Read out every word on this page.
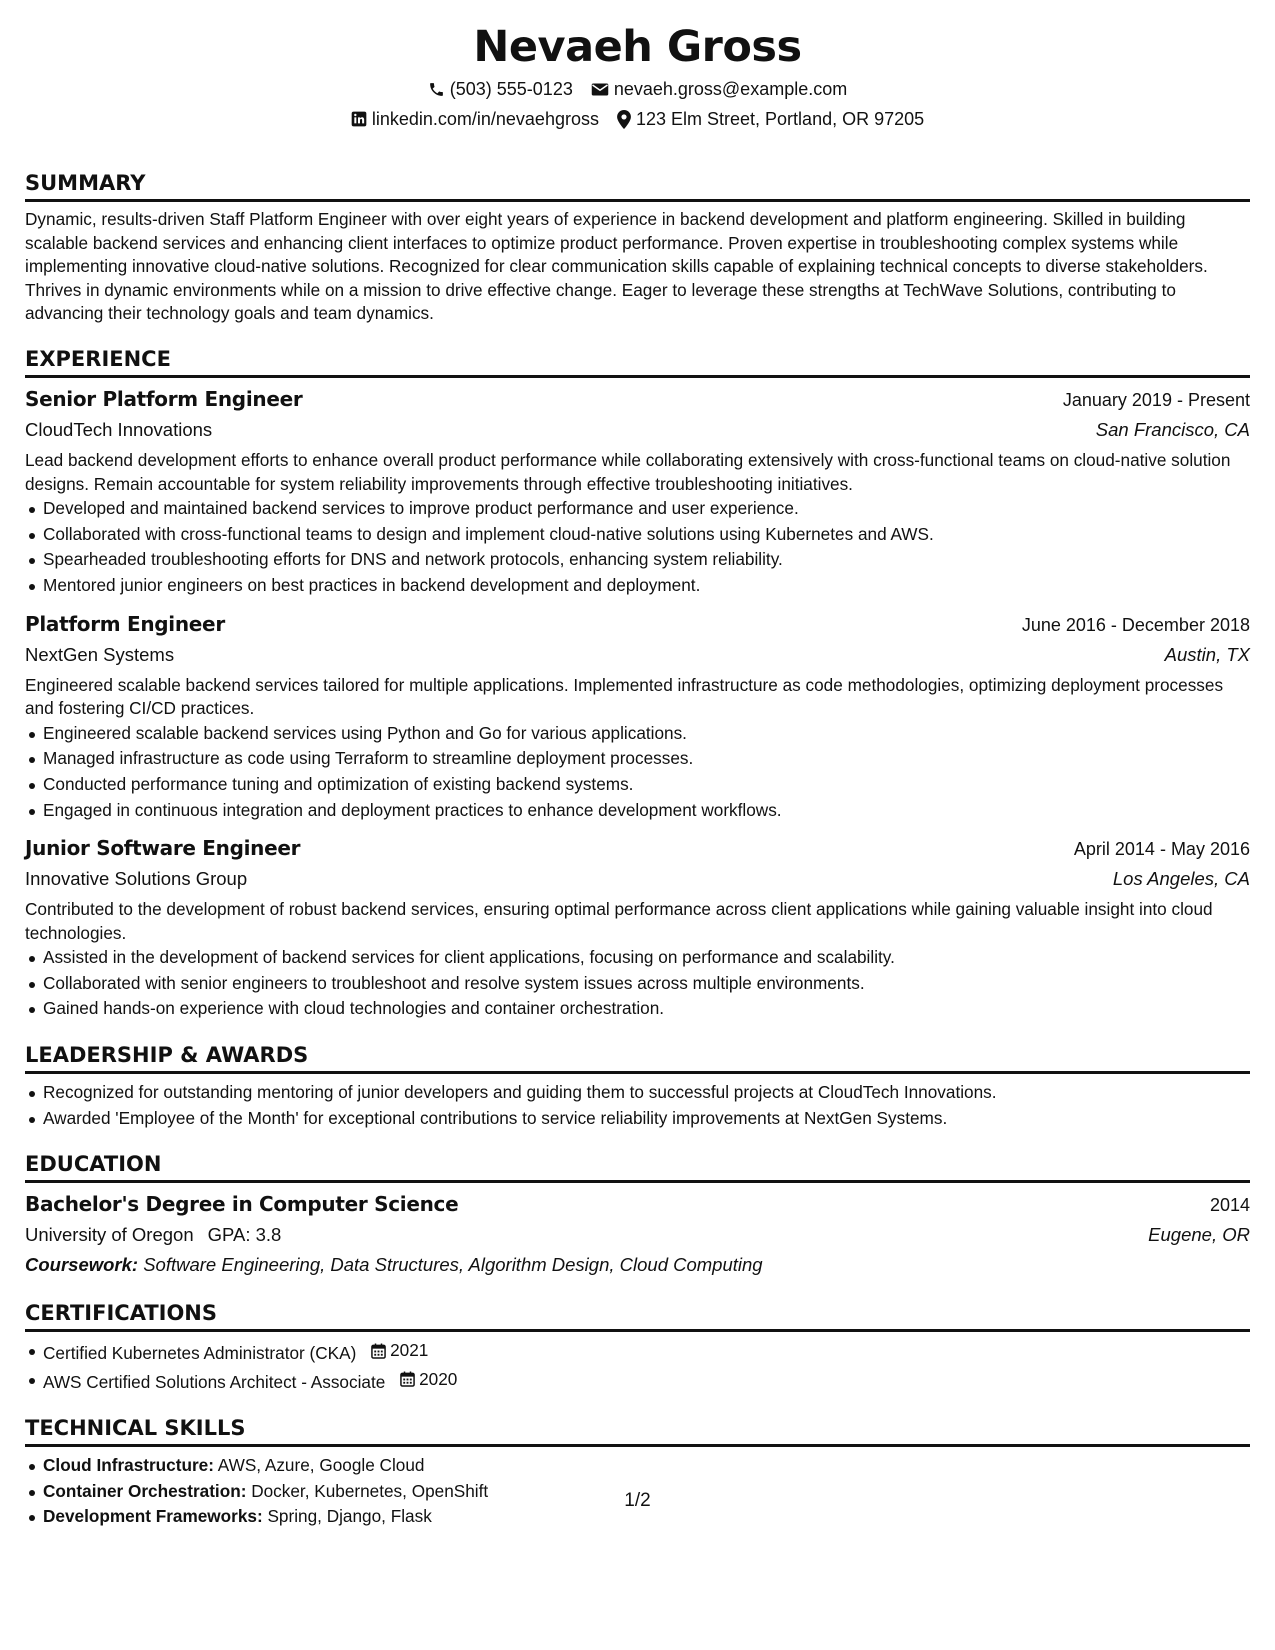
Nevaeh Gross
(503) 555-0123 nevaeh.gross@example.com
linkedin.com/in/nevaehgross 123 Elm Street, Portland, OR 97205
SUMMARY
Dynamic, results-driven Staff Platform Engineer with over eight years of experience in backend development and platform engineering. Skilled in building scalable backend services and enhancing client interfaces to optimize product performance. Proven expertise in troubleshooting complex systems while implementing innovative cloud-native solutions. Recognized for clear communication skills capable of explaining technical concepts to diverse stakeholders. Thrives in dynamic environments while on a mission to drive effective change. Eager to leverage these strengths at TechWave Solutions, contributing to advancing their technology goals and team dynamics.
EXPERIENCE
Senior Platform Engineer	January 2019 - Present
CloudTech Innovations	San Francisco, CA
Lead backend development efforts to enhance overall product performance while collaborating extensively with cross-functional teams on cloud-native solution designs. Remain accountable for system reliability improvements through effective troubleshooting initiatives.
Developed and maintained backend services to improve product performance and user experience.
Collaborated with cross-functional teams to design and implement cloud-native solutions using Kubernetes and AWS.
Spearheaded troubleshooting efforts for DNS and network protocols, enhancing system reliability.
Mentored junior engineers on best practices in backend development and deployment.
Platform Engineer	June 2016 - December 2018
NextGen Systems	Austin, TX
Engineered scalable backend services tailored for multiple applications. Implemented infrastructure as code methodologies, optimizing deployment processes and fostering CI/CD practices.
Engineered scalable backend services using Python and Go for various applications.
Managed infrastructure as code using Terraform to streamline deployment processes.
Conducted performance tuning and optimization of existing backend systems.
Engaged in continuous integration and deployment practices to enhance development workflows.
Junior Software Engineer	April 2014 - May 2016
Innovative Solutions Group	Los Angeles, CA
Contributed to the development of robust backend services, ensuring optimal performance across client applications while gaining valuable insight into cloud technologies.
Assisted in the development of backend services for client applications, focusing on performance and scalability.
Collaborated with senior engineers to troubleshoot and resolve system issues across multiple environments.
Gained hands-on experience with cloud technologies and container orchestration.
LEADERSHIP & AWARDS
Recognized for outstanding mentoring of junior developers and guiding them to successful projects at CloudTech Innovations.
Awarded 'Employee of the Month' for exceptional contributions to service reliability improvements at NextGen Systems.
EDUCATION
Bachelor's Degree in Computer Science	2014
University of Oregon GPA: 3.8	Eugene, OR
Coursework: Software Engineering, Data Structures, Algorithm Design, Cloud Computing
CERTIFICATIONS
Certified Kubernetes Administrator (CKA) 2021
AWS Certified Solutions Architect - Associate 2020
TECHNICAL SKILLS
Cloud Infrastructure: AWS, Azure, Google Cloud
Container Orchestration: Docker, Kubernetes, OpenShift
Development Frameworks: Spring, Django, Flask
1/2
